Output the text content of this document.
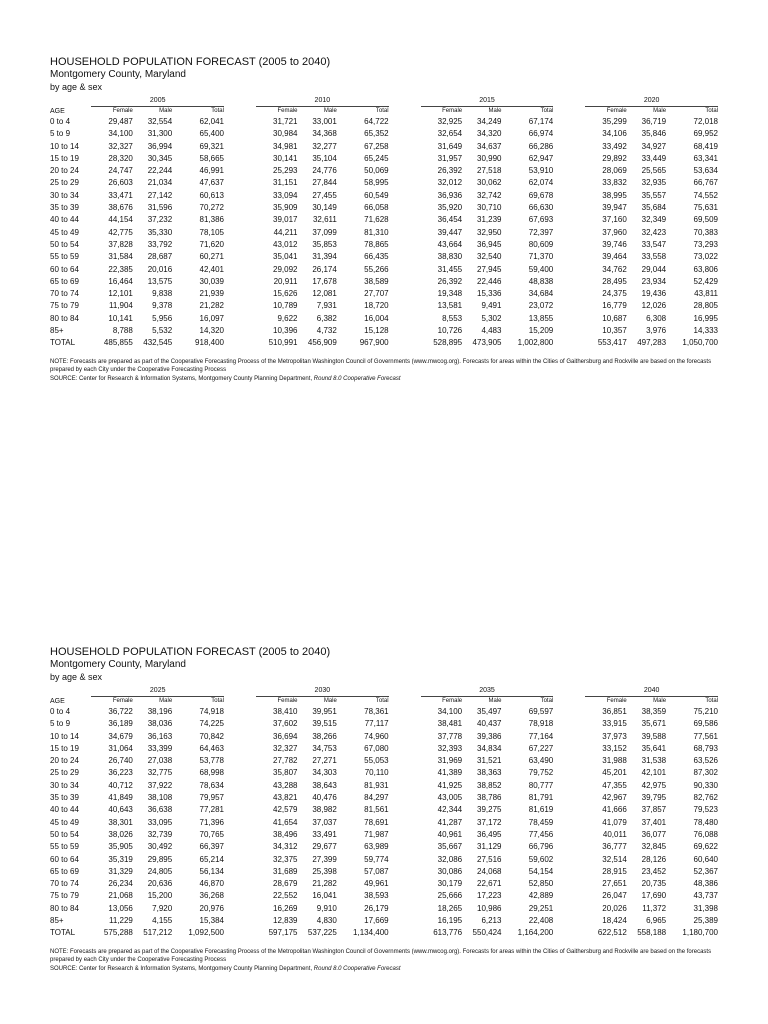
HOUSEHOLD POPULATION FORECAST (2005 to 2040)
Montgomery County, Maryland
by age & sex
	2005				2010				2015				2020		
AGE	Female	Male	Total		Female	Male	Total		Female	Male	Total		Female	Male	Total
0 to 4	29,487	32,554	62,041		31,721	33,001	64,722		32,925	34,249	67,174		35,299	36,719	72,018
5 to 9	34,100	31,300	65,400		30,984	34,368	65,352		32,654	34,320	66,974		34,106	35,846	69,952
10 to 14	32,327	36,994	69,321		34,981	32,277	67,258		31,649	34,637	66,286		33,492	34,927	68,419
15 to 19	28,320	30,345	58,665		30,141	35,104	65,245		31,957	30,990	62,947		29,892	33,449	63,341
20 to 24	24,747	22,244	46,991		25,293	24,776	50,069		26,392	27,518	53,910		28,069	25,565	53,634
25 to 29	26,603	21,034	47,637		31,151	27,844	58,995		32,012	30,062	62,074		33,832	32,935	66,767
30 to 34	33,471	27,142	60,613		33,094	27,455	60,549		36,936	32,742	69,678		38,995	35,557	74,552
35 to 39	38,676	31,596	70,272		35,909	30,149	66,058		35,920	30,710	66,630		39,947	35,684	75,631
40 to 44	44,154	37,232	81,386		39,017	32,611	71,628		36,454	31,239	67,693		37,160	32,349	69,509
45 to 49	42,775	35,330	78,105		44,211	37,099	81,310		39,447	32,950	72,397		37,960	32,423	70,383
50 to 54	37,828	33,792	71,620		43,012	35,853	78,865		43,664	36,945	80,609		39,746	33,547	73,293
55 to 59	31,584	28,687	60,271		35,041	31,394	66,435		38,830	32,540	71,370		39,464	33,558	73,022
60 to 64	22,385	20,016	42,401		29,092	26,174	55,266		31,455	27,945	59,400		34,762	29,044	63,806
65 to 69	16,464	13,575	30,039		20,911	17,678	38,589		26,392	22,446	48,838		28,495	23,934	52,429
70 to 74	12,101	9,838	21,939		15,626	12,081	27,707		19,348	15,336	34,684		24,375	19,436	43,811
75 to 79	11,904	9,378	21,282		10,789	7,931	18,720		13,581	9,491	23,072		16,779	12,026	28,805
80 to 84	10,141	5,956	16,097		9,622	6,382	16,004		8,553	5,302	13,855		10,687	6,308	16,995
85+	8,788	5,532	14,320		10,396	4,732	15,128		10,726	4,483	15,209		10,357	3,976	14,333
TOTAL	485,855	432,545	918,400		510,991	456,909	967,900		528,895	473,905	1,002,800		553,417	497,283	1,050,700
NOTE: Forecasts are prepared as part of the Cooperative Forecasting Process of the Metropolitan Washington Council of Governments (www.mwcog.org). Forecasts for areas within the Cities of Gaithersburg and Rockville are based on the forecasts prepared by each City under the Cooperative Forecasting Process
SOURCE: Center for Research & Information Systems, Montgomery County Planning Department, Round 8.0 Cooperative Forecast
HOUSEHOLD POPULATION FORECAST (2005 to 2040)
Montgomery County, Maryland
by age & sex
	2025				2030				2035				2040		
AGE	Female	Male	Total		Female	Male	Total		Female	Male	Total		Female	Male	Total
0 to 4	36,722	38,196	74,918		38,410	39,951	78,361		34,100	35,497	69,597		36,851	38,359	75,210
5 to 9	36,189	38,036	74,225		37,602	39,515	77,117		38,481	40,437	78,918		33,915	35,671	69,586
10 to 14	34,679	36,163	70,842		36,694	38,266	74,960		37,778	39,386	77,164		37,973	39,588	77,561
15 to 19	31,064	33,399	64,463		32,327	34,753	67,080		32,393	34,834	67,227		33,152	35,641	68,793
20 to 24	26,740	27,038	53,778		27,782	27,271	55,053		31,969	31,521	63,490		31,988	31,538	63,526
25 to 29	36,223	32,775	68,998		35,807	34,303	70,110		41,389	38,363	79,752		45,201	42,101	87,302
30 to 34	40,712	37,922	78,634		43,288	38,643	81,931		41,925	38,852	80,777		47,355	42,975	90,330
35 to 39	41,849	38,108	79,957		43,821	40,476	84,297		43,005	38,786	81,791		42,967	39,795	82,762
40 to 44	40,643	36,638	77,281		42,579	38,982	81,561		42,344	39,275	81,619		41,666	37,857	79,523
45 to 49	38,301	33,095	71,396		41,654	37,037	78,691		41,287	37,172	78,459		41,079	37,401	78,480
50 to 54	38,026	32,739	70,765		38,496	33,491	71,987		40,961	36,495	77,456		40,011	36,077	76,088
55 to 59	35,905	30,492	66,397		34,312	29,677	63,989		35,667	31,129	66,796		36,777	32,845	69,622
60 to 64	35,319	29,895	65,214		32,375	27,399	59,774		32,086	27,516	59,602		32,514	28,126	60,640
65 to 69	31,329	24,805	56,134		31,689	25,398	57,087		30,086	24,068	54,154		28,915	23,452	52,367
70 to 74	26,234	20,636	46,870		28,679	21,282	49,961		30,179	22,671	52,850		27,651	20,735	48,386
75 to 79	21,068	15,200	36,268		22,552	16,041	38,593		25,666	17,223	42,889		26,047	17,690	43,737
80 to 84	13,056	7,920	20,976		16,269	9,910	26,179		18,265	10,986	29,251		20,026	11,372	31,398
85+	11,229	4,155	15,384		12,839	4,830	17,669		16,195	6,213	22,408		18,424	6,965	25,389
TOTAL	575,288	517,212	1,092,500		597,175	537,225	1,134,400		613,776	550,424	1,164,200		622,512	558,188	1,180,700
NOTE: Forecasts are prepared as part of the Cooperative Forecasting Process of the Metropolitan Washington Council of Governments (www.mwcog.org). Forecasts for areas within the Cities of Gaithersburg and Rockville are based on the forecasts prepared by each City under the Cooperative Forecasting Process
SOURCE: Center for Research & Information Systems, Montgomery County Planning Department, Round 8.0 Cooperative Forecast
